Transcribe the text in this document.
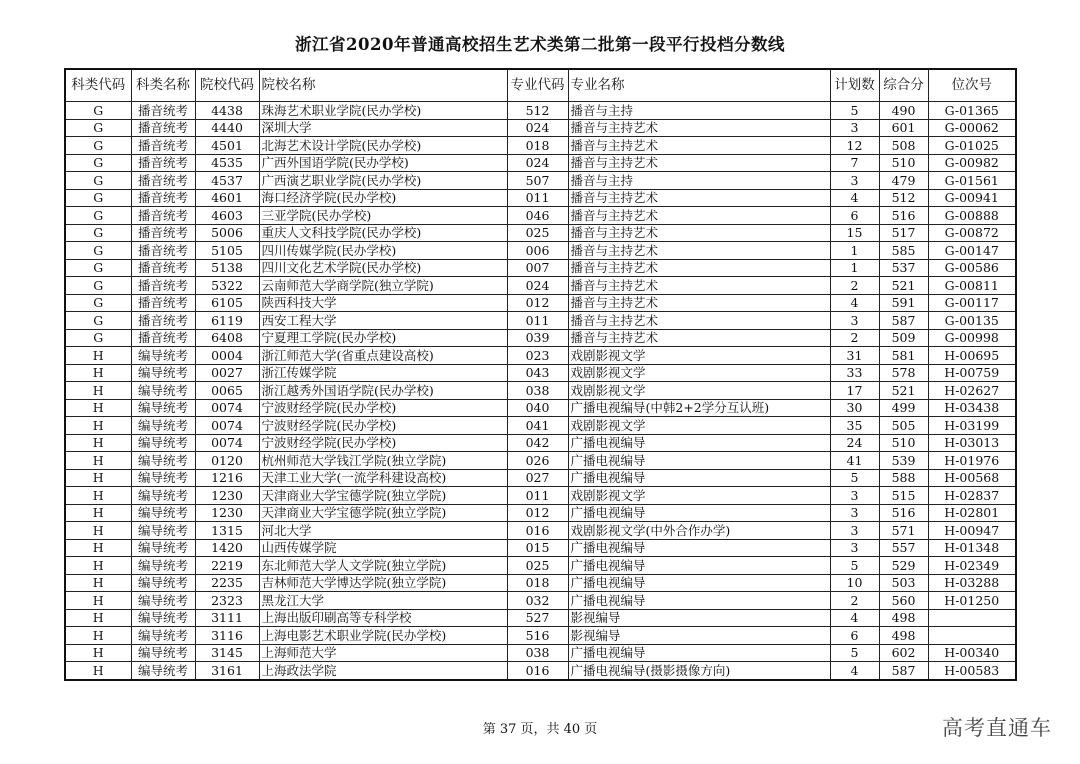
浙江省2020年普通高校招生艺术类第二批第一段平行投档分数线
科类代码	科类名称	院校代码	院校名称	专业代码	专业名称	计划数	综合分	位次号
G	播音统考	4438	珠海艺术职业学院(民办学校)	512	播音与主持	5	490	G-01365
G	播音统考	4440	深圳大学	024	播音与主持艺术	3	601	G-00062
G	播音统考	4501	北海艺术设计学院(民办学校)	018	播音与主持艺术	12	508	G-01025
G	播音统考	4535	广西外国语学院(民办学校)	024	播音与主持艺术	7	510	G-00982
G	播音统考	4537	广西演艺职业学院(民办学校)	507	播音与主持	3	479	G-01561
G	播音统考	4601	海口经济学院(民办学校)	011	播音与主持艺术	4	512	G-00941
G	播音统考	4603	三亚学院(民办学校)	046	播音与主持艺术	6	516	G-00888
G	播音统考	5006	重庆人文科技学院(民办学校)	025	播音与主持艺术	15	517	G-00872
G	播音统考	5105	四川传媒学院(民办学校)	006	播音与主持艺术	1	585	G-00147
G	播音统考	5138	四川文化艺术学院(民办学校)	007	播音与主持艺术	1	537	G-00586
G	播音统考	5322	云南师范大学商学院(独立学院)	024	播音与主持艺术	2	521	G-00811
G	播音统考	6105	陕西科技大学	012	播音与主持艺术	4	591	G-00117
G	播音统考	6119	西安工程大学	011	播音与主持艺术	3	587	G-00135
G	播音统考	6408	宁夏理工学院(民办学校)	039	播音与主持艺术	2	509	G-00998
H	编导统考	0004	浙江师范大学(省重点建设高校)	023	戏剧影视文学	31	581	H-00695
H	编导统考	0027	浙江传媒学院	043	戏剧影视文学	33	578	H-00759
H	编导统考	0065	浙江越秀外国语学院(民办学校)	038	戏剧影视文学	17	521	H-02627
H	编导统考	0074	宁波财经学院(民办学校)	040	广播电视编导(中韩2+2学分互认班)	30	499	H-03438
H	编导统考	0074	宁波财经学院(民办学校)	041	戏剧影视文学	35	505	H-03199
H	编导统考	0074	宁波财经学院(民办学校)	042	广播电视编导	24	510	H-03013
H	编导统考	0120	杭州师范大学钱江学院(独立学院)	026	广播电视编导	41	539	H-01976
H	编导统考	1216	天津工业大学(一流学科建设高校)	027	广播电视编导	5	588	H-00568
H	编导统考	1230	天津商业大学宝德学院(独立学院)	011	戏剧影视文学	3	515	H-02837
H	编导统考	1230	天津商业大学宝德学院(独立学院)	012	广播电视编导	3	516	H-02801
H	编导统考	1315	河北大学	016	戏剧影视文学(中外合作办学)	3	571	H-00947
H	编导统考	1420	山西传媒学院	015	广播电视编导	3	557	H-01348
H	编导统考	2219	东北师范大学人文学院(独立学院)	025	广播电视编导	5	529	H-02349
H	编导统考	2235	吉林师范大学博达学院(独立学院)	018	广播电视编导	10	503	H-03288
H	编导统考	2323	黑龙江大学	032	广播电视编导	2	560	H-01250
H	编导统考	3111	上海出版印刷高等专科学校	527	影视编导	4	498	
H	编导统考	3116	上海电影艺术职业学院(民办学校)	516	影视编导	6	498	
H	编导统考	3145	上海师范大学	038	广播电视编导	5	602	H-00340
H	编导统考	3161	上海政法学院	016	广播电视编导(摄影摄像方向)	4	587	H-00583
第 37 页，共 40 页	高考直通车
